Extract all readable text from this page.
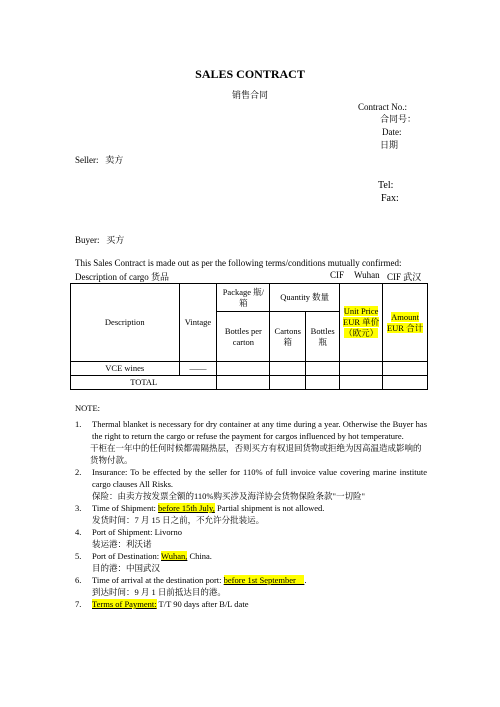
SALES CONTRACT
销售合同
Contract No.:
合同号：
Date:
日期
Seller: 卖方
Tel:
Fax:
Buyer: 买方
This Sales Contract is made out as per the following terms/conditions mutually confirmed:
Description of cargo 货品	CIF Wuhan CIF 武汉
Description	Vintage	Package 瓶/箱	Quantity 数量		Unit Price EUR 单价（欧元）	Amount EUR 合计
		Bottles per carton	Cartons 箱	Bottles 瓶		
VCE wines	——					
TOTAL						
NOTE:
1. Thermal blanket is necessary for dry container at any time during a year. Otherwise the Buyer has the right to return the cargo or refuse the payment for cargos influenced by hot temperature.
干柜在一年中的任何时候都需隔热层，否则买方有权退回货物或拒绝为因高温造成影响的货物付款。
2. Insurance: To be effected by the seller for 110% of full invoice value covering marine institute cargo clauses All Risks.
保险：由卖方按发票全额的110%购买涉及海洋协会货物保险条款"一切险"
3. Time of Shipment: before 15th July, Partial shipment is not allowed.
发货时间：7 月 15 日之前，不允许分批装运。
4. Port of Shipment: Livorno
装运港：利沃诺
5. Port of Destination: Wuhan, China.
目的港：中国武汉
6. Time of arrival at the destination port: before 1st September    .
到达时间：9 月 1 日前抵达目的港。
7. Terms of Payment: T/T 90 days after B/L date
